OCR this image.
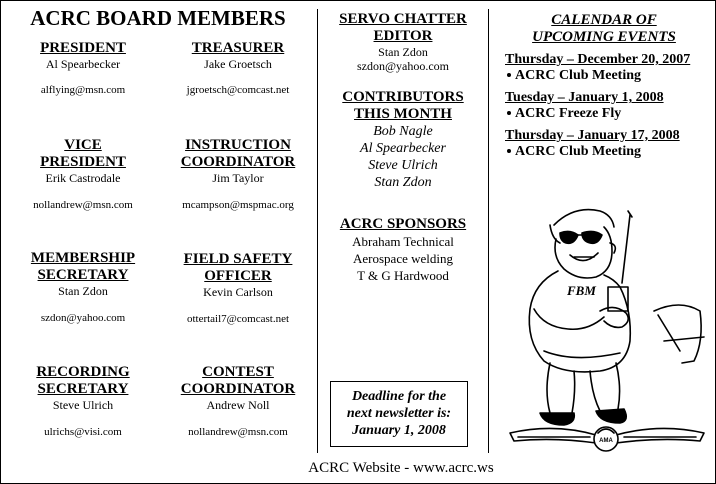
ACRC BOARD MEMBERS
PRESIDENT
Al Spearbecker
alflying@msn.com
TREASURER
Jake Groetsch
jgroetsch@comcast.net
VICE
PRESIDENT
Erik Castrodale
nollandrew@msn.com
INSTRUCTION
COORDINATOR
Jim Taylor
mcampson@mspmac.org
MEMBERSHIP
SECRETARY
Stan Zdon
szdon@yahoo.com
FIELD SAFETY
OFFICER
Kevin Carlson
ottertail7@comcast.net
RECORDING
SECRETARY
Steve Ulrich
ulrichs@visi.com
CONTEST
COORDINATOR
Andrew Noll
nollandrew@msn.com
SERVO CHATTER
EDITOR
Stan Zdon
szdon@yahoo.com
CONTRIBUTORS
THIS MONTH
Bob Nagle
Al Spearbecker
Steve Ulrich
Stan Zdon
ACRC SPONSORS
Abraham Technical
Aerospace welding
T & G Hardwood
Deadline for the
next newsletter is:
January 1, 2008
ACRC Website - www.acrc.ws
CALENDAR OF
UPCOMING EVENTS
Thursday – December 20, 2007
ACRC Club Meeting
Tuesday – January 1, 2008
ACRC Freeze Fly
Thursday – January 17, 2008
ACRC Club Meeting
FBM
AMA
